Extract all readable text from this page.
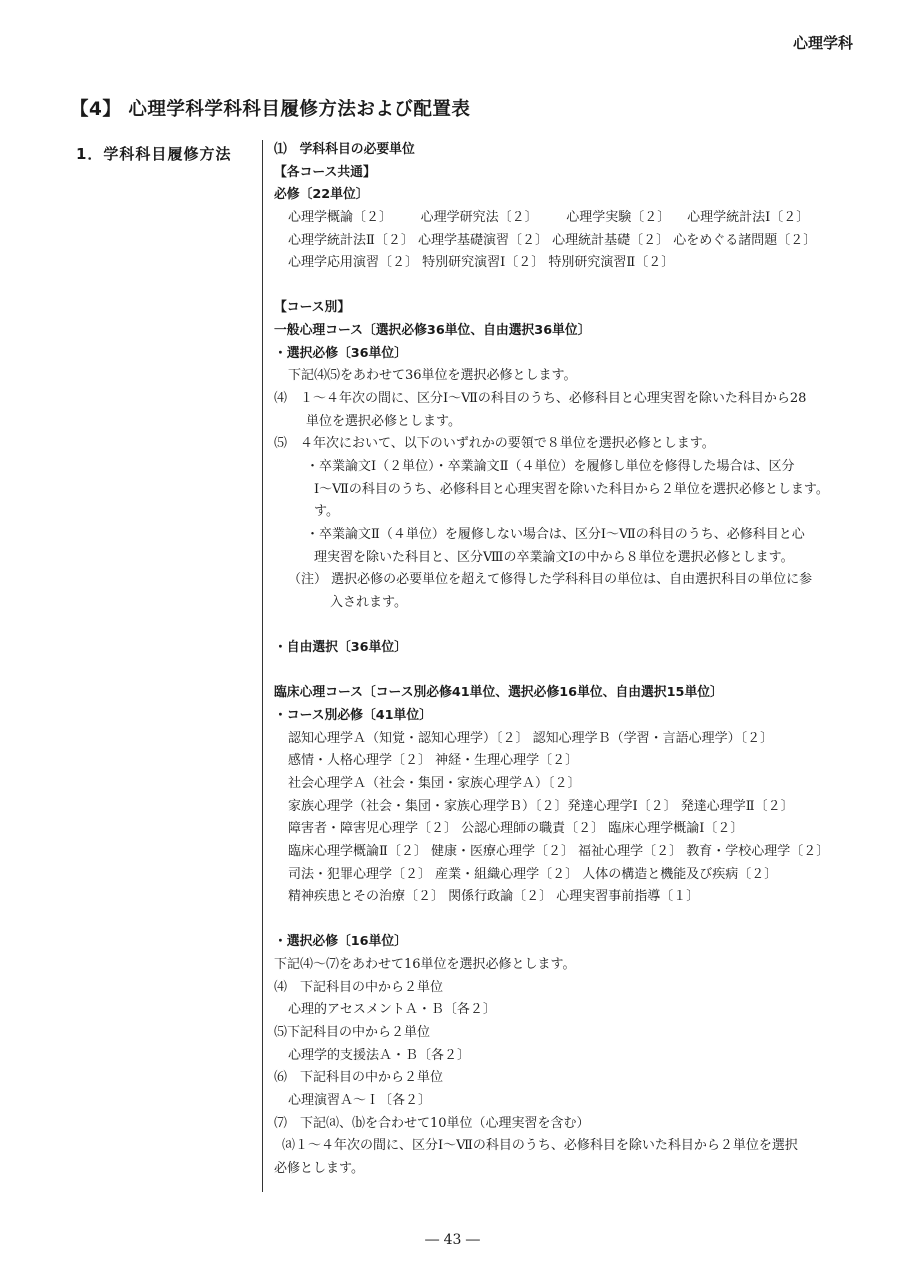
心理学科
【4】 心理学科学科科目履修方法および配置表
1．学科科目履修方法	⑴　学科科目の必要単位
【各コース共通】
必修〔22単位〕
心理学概論〔２〕 心理学研究法〔２〕 心理学実験〔２〕 心理学統計法Ⅰ〔２〕
心理学統計法Ⅱ〔２〕 心理学基礎演習〔２〕 心理統計基礎〔２〕 心をめぐる諸問題〔２〕
心理学応用演習〔２〕 特別研究演習Ⅰ〔２〕 特別研究演習Ⅱ〔２〕
【コース別】
一般心理コース〔選択必修36単位、自由選択36単位〕
・選択必修〔36単位〕
下記⑷⑸をあわせて36単位を選択必修とします。
⑷　１～４年次の間に、区分Ⅰ～Ⅶの科目のうち、必修科目と心理実習を除いた科目から28
単位を選択必修とします。
⑸　４年次において、以下のいずれかの要領で８単位を選択必修とします。
・卒業論文Ⅰ（２単位）・卒業論文Ⅱ（４単位）を履修し単位を修得した場合は、区分
Ⅰ～Ⅶの科目のうち、必修科目と心理実習を除いた科目から２単位を選択必修とします。
す。
・卒業論文Ⅱ（４単位）を履修しない場合は、区分Ⅰ～Ⅶの科目のうち、必修科目と心
理実習を除いた科目と、区分Ⅷの卒業論文Ⅰの中から８単位を選択必修とします。
（注） 選択必修の必要単位を超えて修得した学科科目の単位は、自由選択科目の単位に参
入されます。
・自由選択〔36単位〕
臨床心理コース〔コース別必修41単位、選択必修16単位、自由選択15単位〕
・コース別必修〔41単位〕
認知心理学Ａ（知覚・認知心理学）〔２〕 認知心理学Ｂ（学習・言語心理学）〔２〕
感情・人格心理学〔２〕 神経・生理心理学〔２〕
社会心理学Ａ（社会・集団・家族心理学Ａ）〔２〕
家族心理学（社会・集団・家族心理学Ｂ）〔２〕発達心理学Ⅰ〔２〕 発達心理学Ⅱ〔２〕
障害者・障害児心理学〔２〕 公認心理師の職責〔２〕 臨床心理学概論Ⅰ〔２〕
臨床心理学概論Ⅱ〔２〕 健康・医療心理学〔２〕 福祉心理学〔２〕 教育・学校心理学〔２〕
司法・犯罪心理学〔２〕 産業・組織心理学〔２〕 人体の構造と機能及び疾病〔２〕
精神疾患とその治療〔２〕 関係行政論〔２〕 心理実習事前指導〔１〕
・選択必修〔16単位〕
下記⑷～⑺をあわせて16単位を選択必修とします。
⑷　下記科目の中から２単位
心理的アセスメントＡ・Ｂ〔各２〕
⑸下記科目の中から２単位
心理学的支援法Ａ・Ｂ〔各２〕
⑹　下記科目の中から２単位
心理演習Ａ～Ｉ〔各２〕
⑺　下記⒜、⒝を合わせて10単位（心理実習を含む）
⒜１～４年次の間に、区分Ⅰ～Ⅶの科目のうち、必修科目を除いた科目から２単位を選択
必修とします。
― 43 ―
